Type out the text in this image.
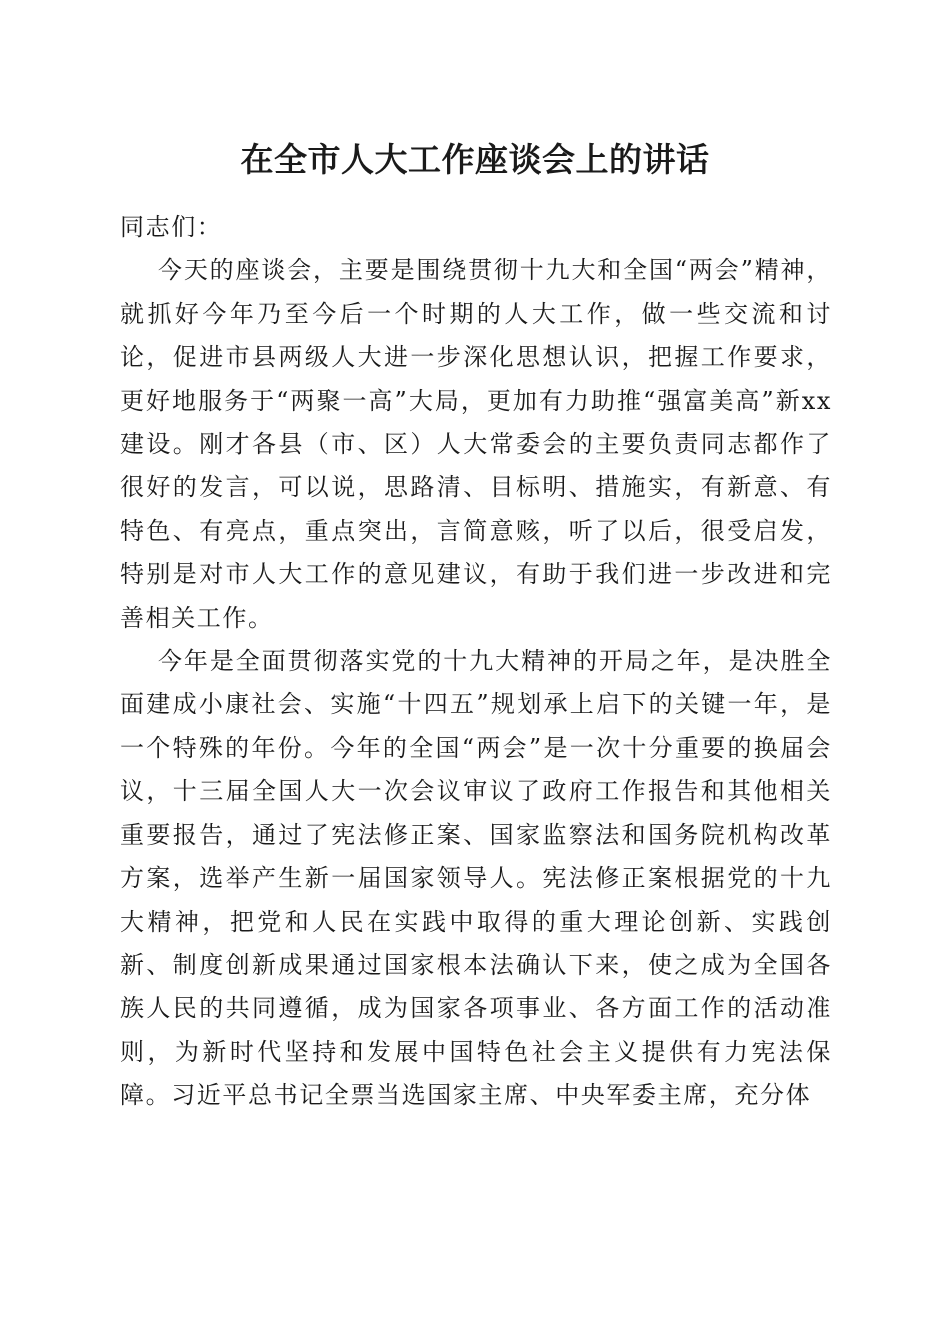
在全市人大工作座谈会上的讲话

同志们：

今天的座谈会，主要是围绕贯彻十九大和全国“两会”精神，就抓好今年乃至今后一个时期的人大工作，做一些交流和讨论，促进市县两级人大进一步深化思想认识，把握工作要求，更好地服务于“两聚一高”大局，更加有力助推“强富美高”新xx建设。刚才各县（市、区）人大常委会的主要负责同志都作了很好的发言，可以说，思路清、目标明、措施实，有新意、有特色、有亮点，重点突出，言简意赅，听了以后，很受启发，特别是对市人大工作的意见建议，有助于我们进一步改进和完善相关工作。

今年是全面贯彻落实党的十九大精神的开局之年，是决胜全面建成小康社会、实施“十四五”规划承上启下的关键一年，是一个特殊的年份。今年的全国“两会”是一次十分重要的换届会议，十三届全国人大一次会议审议了政府工作报告和其他相关重要报告，通过了宪法修正案、国家监察法和国务院机构改革方案，选举产生新一届国家领导人。宪法修正案根据党的十九大精神，把党和人民在实践中取得的重大理论创新、实践创新、制度创新成果通过国家根本法确认下来，使之成为全国各族人民的共同遵循，成为国家各项事业、各方面工作的活动准则，为新时代坚持和发展中国特色社会主义提供有力宪法保障。习近平总书记全票当选国家主席、中央军委主席，充分体
